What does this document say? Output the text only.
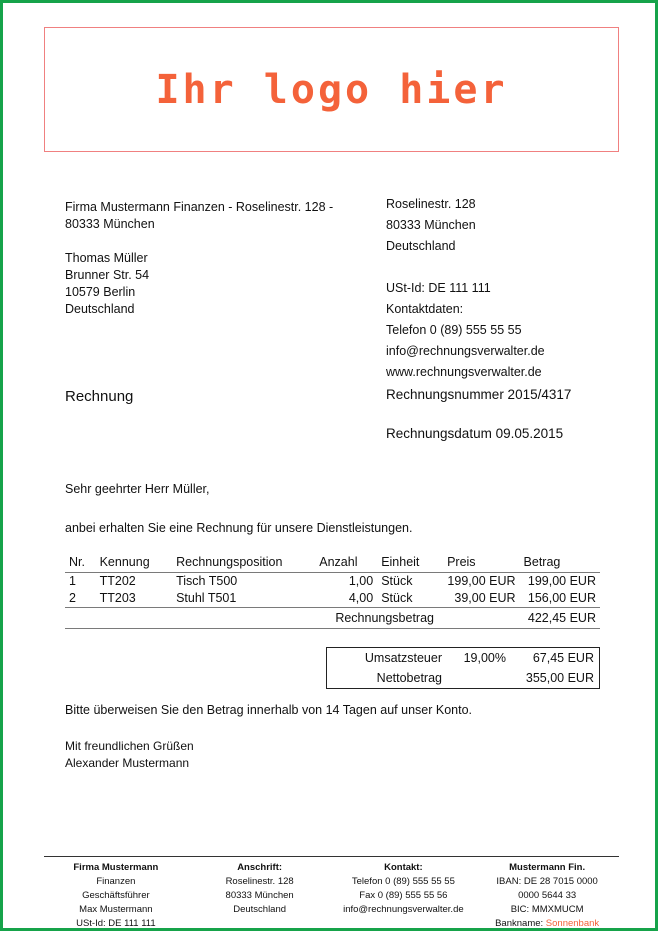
Ihr logo hier
Firma Mustermann Finanzen - Roselinestr. 128 - 80333 München
Thomas Müller
Brunner Str. 54
10579 Berlin
Deutschland
Roselinestr. 128
80333 München
Deutschland
USt-Id: DE 111 111
Kontaktdaten:
Telefon 0 (89) 555 55 55
info@rechnungsverwalter.de
www.rechnungsverwalter.de
Rechnung	Rechnungsnummer 2015/4317
Rechnungsdatum 09.05.2015
Sehr geehrter Herr Müller,
anbei erhalten Sie eine Rechnung für unsere Dienstleistungen.
Nr.	Kennung	Rechnungsposition	Anzahl	Einheit	Preis	Betrag
1	TT202	Tisch T500	1,00	Stück	199,00 EUR	199,00 EUR
2	TT203	Stuhl T501	4,00	Stück	39,00 EUR	156,00 EUR
Rechnungsbetrag		422,45 EUR
Umsatzsteuer	19,00%	67,45 EUR
Nettobetrag		355,00 EUR
Bitte überweisen Sie den Betrag innerhalb von 14 Tagen auf unser Konto.
Mit freundlichen Grüßen
Alexander Mustermann
Firma Mustermann
Finanzen
Geschäftsführer
Max Mustermann
USt-Id: DE 111 111
Anschrift:
Roselinestr. 128
80333 München
Deutschland
Kontakt:
Telefon 0 (89) 555 55 55
Fax 0 (89) 555 55 56
info@rechnungsverwalter.de
Mustermann Fin.
IBAN: DE 28 7015 0000
0000 5644 33
BIC: MMXMUCM
Bankname: Sonnenbank
